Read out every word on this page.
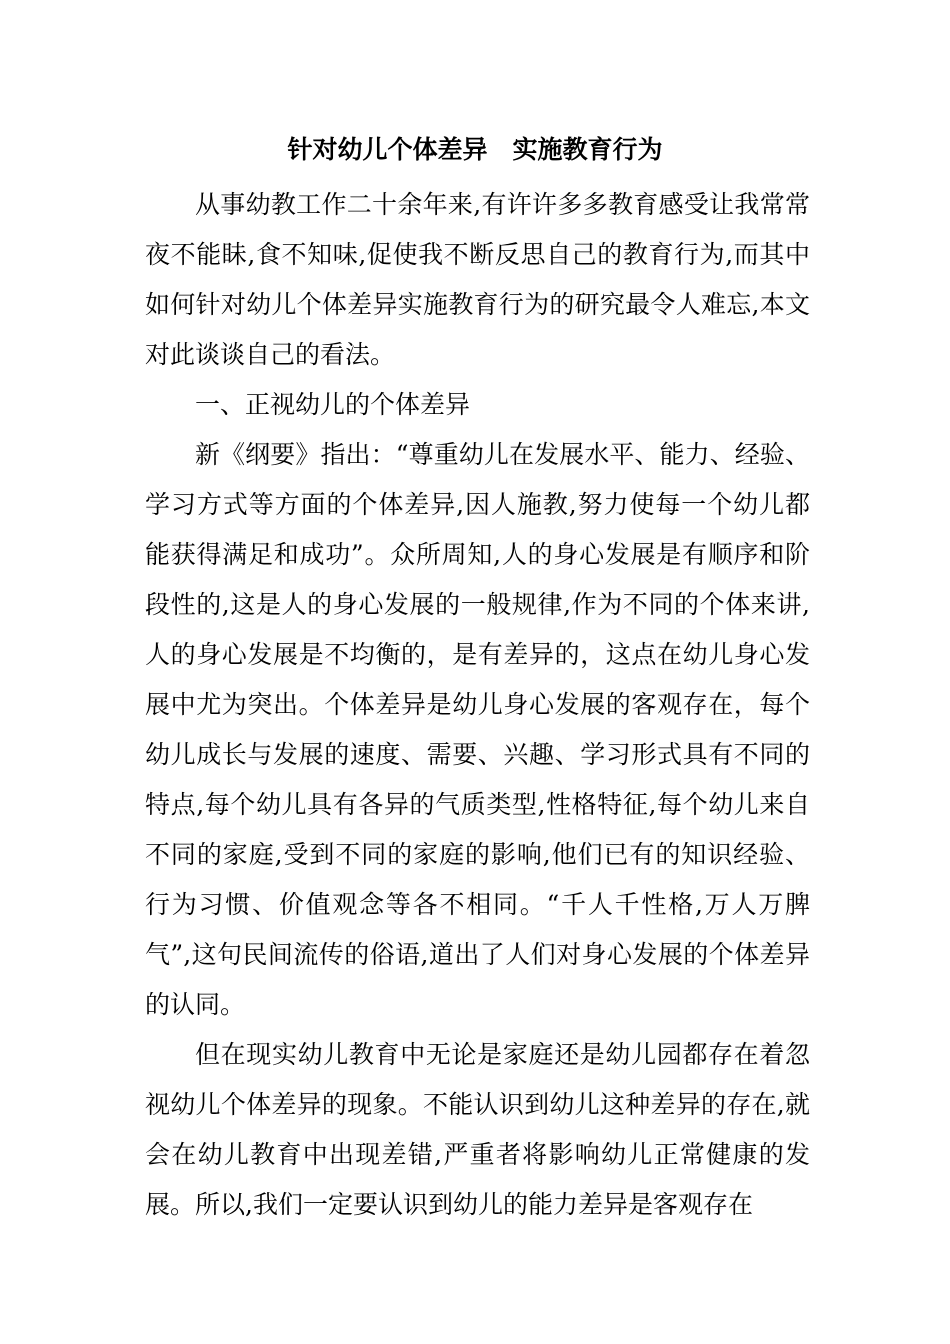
针对幼儿个体差异　实施教育行为

从事幼教工作二十余年来,有许许多多教育感受让我常常夜不能眛,食不知味,促使我不断反思自己的教育行为,而其中如何针对幼儿个体差异实施教育行为的研究最令人难忘,本文对此谈谈自己的看法。

一、正视幼儿的个体差异

新《纲要》指出：“尊重幼儿在发展水平、能力、经验、学习方式等方面的个体差异,因人施教,努力使每一个幼儿都能获得满足和成功”。众所周知,人的身心发展是有顺序和阶段性的,这是人的身心发展的一般规律,作为不同的个体来讲,人的身心发展是不均衡的，是有差异的，这点在幼儿身心发展中尤为突出。个体差异是幼儿身心发展的客观存在，每个幼儿成长与发展的速度、需要、兴趣、学习形式具有不同的特点,每个幼儿具有各异的气质类型,性格特征,每个幼儿来自不同的家庭,受到不同的家庭的影响,他们已有的知识经验、行为习惯、价值观念等各不相同。“千人千性格,万人万脾气”,这句民间流传的俗语,道出了人们对身心发展的个体差异的认同。

但在现实幼儿教育中无论是家庭还是幼儿园都存在着忽视幼儿个体差异的现象。不能认识到幼儿这种差异的存在,就会在幼儿教育中出现差错,严重者将影响幼儿正常健康的发展。所以,我们一定要认识到幼儿的能力差异是客观存在
